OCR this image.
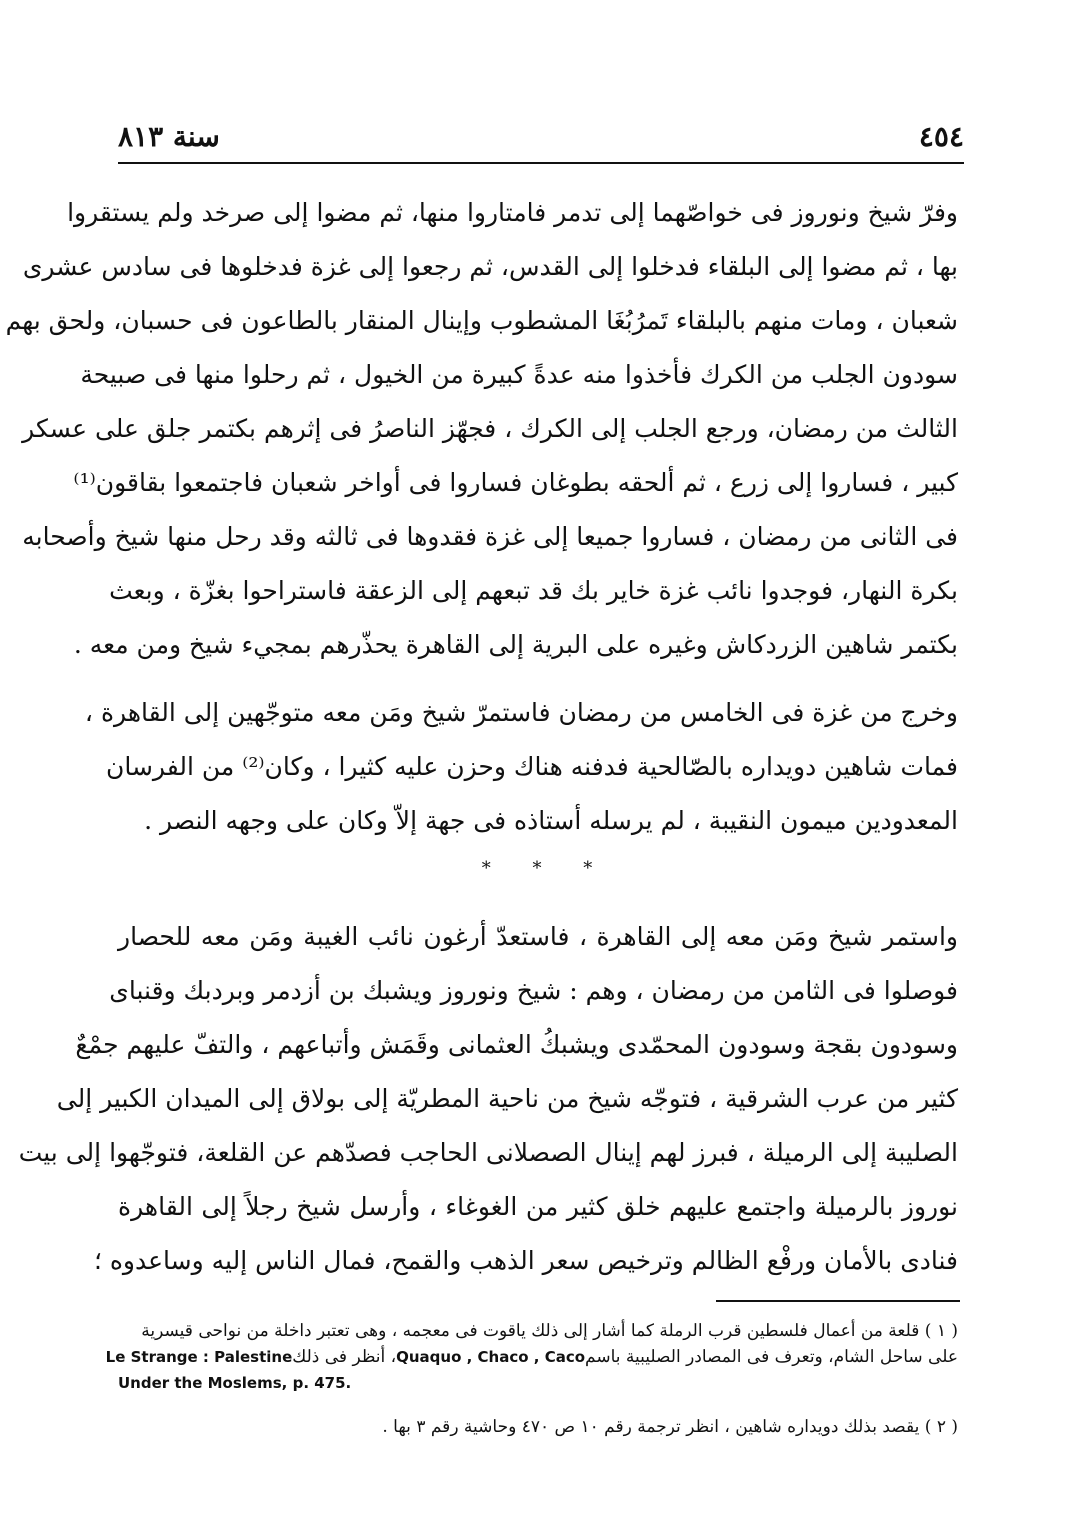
٤٥٤
سنة ٨١٣
وفرّ شيخ ونوروز فى خواصّهما إلى تدمر فامتاروا منها، ثم مضوا إلى صرخد ولم يستقروا
بها ، ثم مضوا إلى البلقاء فدخلوا إلى القدس، ثم رجعوا إلى غزة فدخلوها فى سادس عشرى
شعبان ، ومات منهم بالبلقاء تَمرُبُغَا المشطوب وإينال المنقار بالطاعون فى حسبان، ولحق بهم
سودون الجلب من الكرك فأخذوا منه عدةً كبيرة من الخيول ، ثم رحلوا منها فى صبيحة
الثالث من رمضان، ورجع الجلب إلى الكرك ، فجهّز الناصرُ فى إثرهم بكتمر جلق على عسكر
كبير ، فساروا إلى زرع ، ثم ألحقه بطوغان فساروا فى أواخر شعبان فاجتمعوا بقاقون⁽¹⁾
فى الثانى من رمضان ، فساروا جميعا إلى غزة فقدوها فى ثالثه وقد رحل منها شيخ وأصحابه
بكرة النهار، فوجدوا نائب غزة خاير بك قد تبعهم إلى الزعقة فاستراحوا بغزّة ، وبعث
بكتمر شاهين الزردكاش وغيره على البرية إلى القاهرة يحذّرهم بمجيء شيخ ومن معه .
وخرج من غزة فى الخامس من رمضان فاستمرّ شيخ ومَن معه متوجّهين إلى القاهرة ،
فمات شاهين دويداره بالصّالحية فدفنه هناك وحزن عليه كثيرا ، وكان⁽²⁾ من الفرسان
المعدودين ميمون النقيبة ، لم يرسله أستاذه فى جهة إلاّ وكان على وجهه النصر .
* * *
واستمر شيخ ومَن معه إلى القاهرة ، فاستعدّ أرغون نائب الغيبة ومَن معه للحصار
فوصلوا فى الثامن من رمضان ، وهم : شيخ ونوروز ويشبك بن أزدمر وبردبك وقنباى
وسودون بقجة وسودون المحمّدى ويشبكُ العثمانى وقَمَش وأتباعهم ، والتفّ عليهم جمْعٌ
كثير من عرب الشرقية ، فتوجّه شيخ من ناحية المطريّة إلى بولاق إلى الميدان الكبير إلى
الصليبة إلى الرميلة ، فبرز لهم إينال الصصلانى الحاجب فصدّهم عن القلعة، فتوجّهوا إلى بيت
نوروز بالرميلة واجتمع عليهم خلق كثير من الغوغاء ، وأرسل شيخ رجلاً إلى القاهرة
فنادى بالأمان ورفْع الظالم وترخيص سعر الذهب والقمح، فمال الناس إليه وساعدوه ؛
( ١ ) قلعة من أعمال فلسطين قرب الرملة كما أشار إلى ذلك ياقوت فى معجمه ، وهى تعتبر داخلة من نواحى قيسرية
على ساحل الشام، وتعرف فى المصادر الصليبية باسم
Quaquo , Chaco , Caco
، أنظر فى ذلك
Le Strange : Palestine
Under the Moslems, p. 475.
( ٢ ) يقصد بذلك دويداره شاهين ، انظر ترجمة رقم ١٠ ص ٤٧٠ وحاشية رقم ٣ بها .
